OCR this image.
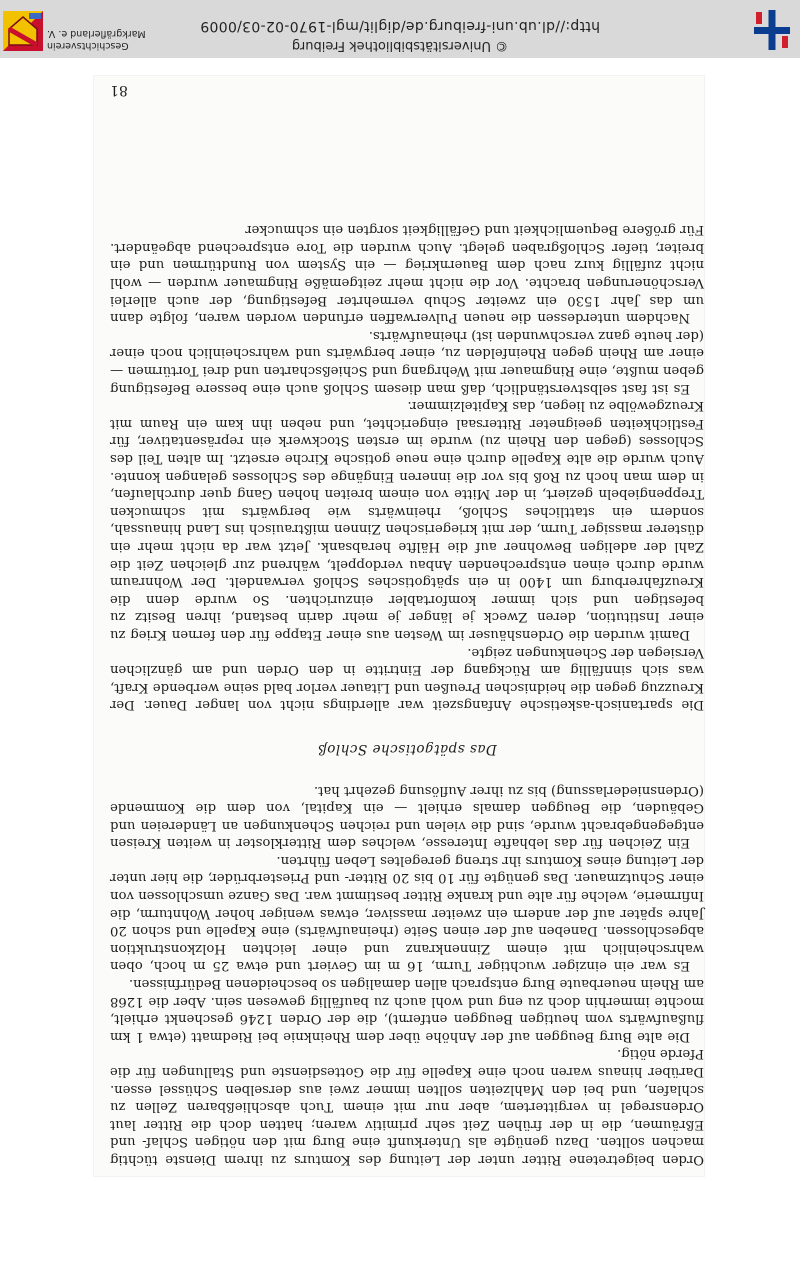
Orden beigetretene Ritter unter der Leitung des Komturs zu ihrem Dienste tüchtig machen sollten. Dazu genügte als Unterkunft eine Burg mit den nötigen Schlaf- und Eßräumen, die in der frühen Zeit sehr primitiv waren; hatten doch die Ritter laut Ordensregel in vergittertem, aber nur mit einem Tuch abschließbaren Zellen zu schlafen, und bei den Mahlzeiten sollten immer zwei aus derselben Schüssel essen. Darüber hinaus waren noch eine Kapelle für die Gottesdienste und Stallungen für die Pferde nötig.

Die alte Burg Beuggen auf der Anhöhe über dem Rheinknie bei Riedmatt (etwa 1 km flußaufwärts vom heutigen Beuggen entfernt), die der Orden 1246 geschenkt erhielt, mochte immerhin doch zu eng und wohl auch zu baufällig gewesen sein. Aber die 1268 am Rhein neuerbaute Burg entsprach allen damaligen so bescheidenen Bedürfnissen.

Es war ein einziger wuchtiger Turm, 16 m im Geviert und etwa 25 m hoch, oben wahrscheinlich mit einem Zinnenkranz und einer leichten Holzkonstruktion abgeschlossen. Daneben auf der einen Seite (rheinaufwärts) eine Kapelle und schon 20 Jahre später auf der andern ein zweiter massiver, etwas weniger hoher Wohnturm, die Infirmerie, welche für alte und kranke Ritter bestimmt war. Das Ganze umschlossen von einer Schutzmauer. Das genügte für 10 bis 20 Ritter- und Priesterbrüder, die hier unter der Leitung eines Komturs ihr streng geregeltes Leben führten.

Ein Zeichen für das lebhafte Interesse, welches dem Ritterkloster in weiten Kreisen entgegengebracht wurde, sind die vielen und reichen Schenkungen an Ländereien und Gebäuden, die Beuggen damals erhielt — ein Kapital, von dem die Kommende (Ordensniederlassung) bis zu ihrer Auflösung gezehrt hat.

Das spätgotische Schloß

Die spartanisch-asketische Anfangszeit war allerdings nicht von langer Dauer. Der Kreuzzug gegen die heidnischen Preußen und Litauer verlor bald seine werbende Kraft, was sich sinnfällig am Rückgang der Eintritte in den Orden und am gänzlichen Versiegen der Schenkungen zeigte.

Damit wurden die Ordenshäuser im Westen aus einer Etappe für den fernen Krieg zu einer Institution, deren Zweck je länger je mehr darin bestand, ihren Besitz zu befestigen und sich immer komfortabler einzurichten. So wurde denn die Kreuzfahrerburg um 1400 in ein spätgotisches Schloß verwandelt. Der Wohnraum wurde durch einen entsprechenden Anbau verdoppelt, während zur gleichen Zeit die Zahl der adeligen Bewohner auf die Hälfte herabsank. Jetzt war da nicht mehr ein düsterer massiger Turm, der mit kriegerischen Zinnen mißtrauisch ins Land hinaussah, sondern ein stattliches Schloß, rheinwärts wie bergwärts mit schmucken Treppengiebeln geziert, in der Mitte von einem breiten hohen Gang quer durchlaufen, in dem man hoch zu Roß bis vor die inneren Eingänge des Schlosses gelangen konnte. Auch wurde die alte Kapelle durch eine neue gotische Kirche ersetzt. Im alten Teil des Schlosses (gegen den Rhein zu) wurde im ersten Stockwerk ein repräsentativer, für Festlichkeiten geeigneter Rittersaal eingerichtet, und neben ihn kam ein Raum mit Kreuzgewölbe zu liegen, das Kapitelzimmer.

Es ist fast selbstverständlich, daß man diesem Schloß auch eine bessere Befestigung geben mußte, eine Ringmauer mit Wehrgang und Schießscharten und drei Tortürmen — einer am Rhein gegen Rheinfelden zu, einer bergwärts und wahrscheinlich noch einer (der heute ganz verschwunden ist) rheinaufwärts.

Nachdem unterdessen die neuen Pulverwaffen erfunden worden waren, folgte dann um das Jahr 1530 ein zweiter Schub vermehrter Befestigung, der auch allerlei Verschönerungen brachte. Vor die nicht mehr zeitgemäße Ringmauer wurden — wohl nicht zufällig kurz nach dem Bauernkrieg — ein System von Rundtürmen und ein breiter, tiefer Schloßgraben gelegt. Auch wurden die Tore entsprechend abgeändert. Für größere Bequemlichkeit und Gefälligkeit sorgten ein schmucker

81
© Universitätsbibliothek Freiburg
http://dl.ub.uni-freiburg.de/diglit/mgl-1970-02-03/0009
Geschichtsverein
Markgräflerland e. V.
